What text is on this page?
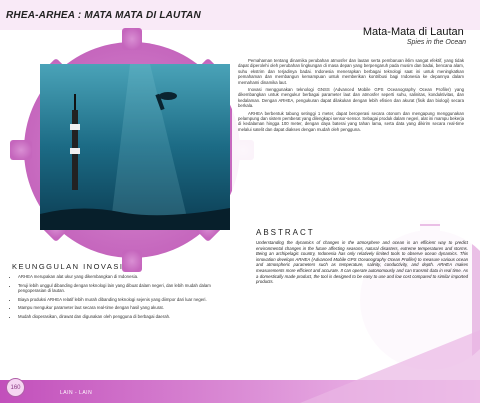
RHEA-ARHEA : MATA MATA DI LAUTAN
Mata-Mata di Lautan
Spies in the Ocean

Pemahaman tentang dinamika perubahan atmosfer dan lautan serta pembaruan iklim sangat efektif, yang tidak dapat diperolehi oleh perubahan lingkungan di masa depan yang berpengaruh pada musim dan badai, bencana alam, suhu ekstrim dan terjadinya badai. Indonesia menerapkan berbagai teknologi saat ini untuk meningkatkan pemahaman dan membangun kemampuan untuk memberikan kontribusi bagi Indonesia ke depannya dalam memahami dinamika laut.

Inovasi menggunakan teknologi GNSS (Advanced Mobile GPS Oceanography Ocean Profiler) yang dikembangkan untuk mengukur berbagai parameter laut dan atmosfer seperti suhu, salinitas, konduktivitas, dan kedalaman. Dengan ARHEA, pengukuran dapat dilakukan dengan lebih efisien dan akurat (fisik dan biologi) secara berkala.

ARHEA berbentuk tabung setinggi 1 meter, dapat beroperasi secara otonom dan mengapung menggunakan pelampung dan sistem pemberat yang dilengkapi sensor-sensor. Sebagai produk dalam negeri, alat ini mampu bekerja di kedalaman hingga 100 meter, dengan daya baterai yang tahan lama, serta data yang dikirim secara real-time melalui satelit dan dapat diakses dengan mudah oleh pengguna.

ABSTRACT
Understanding the dynamics of changes in the atmosphere and ocean is an efficient way to predict environmental changes in the future affecting seasons, natural disasters, extreme temperatures and storms. Being an archipelagic country, Indonesia has only relatively limited tools to observe ocean dynamics. This innovation develops ARHEA (Advanced Mobile GPS Oceanography Ocean Profiler) to measure various ocean and atmospheric parameters such as temperature, salinity, conductivity, and depth. ARHEA makes measurements more efficient and accurate. It can operate autonomously and can transmit data in real time. As a domestically made product, the tool is designed to be easy to use and low cost compared to similar imported products.
KEUNGGULAN INOVASI
• ARHEA merupakan alat ukur yang dikembangkan di Indonesia.
• Teruji lebih unggul dibanding dengan teknologi lain yang dibuat dalam negeri, dan lebih mudah dalam pengoperasian di lautan.
• Biaya produksi ARHEA relatif lebih murah dibanding teknologi sejenis yang diimpor dari luar negeri.
• Mampu mengukur parameter laut secara real-time dengan hasil yang akurat.
• Mudah dioperasikan, dirawat dan digunakan oleh pengguna di berbagai daerah.
160
LAIN - LAIN
